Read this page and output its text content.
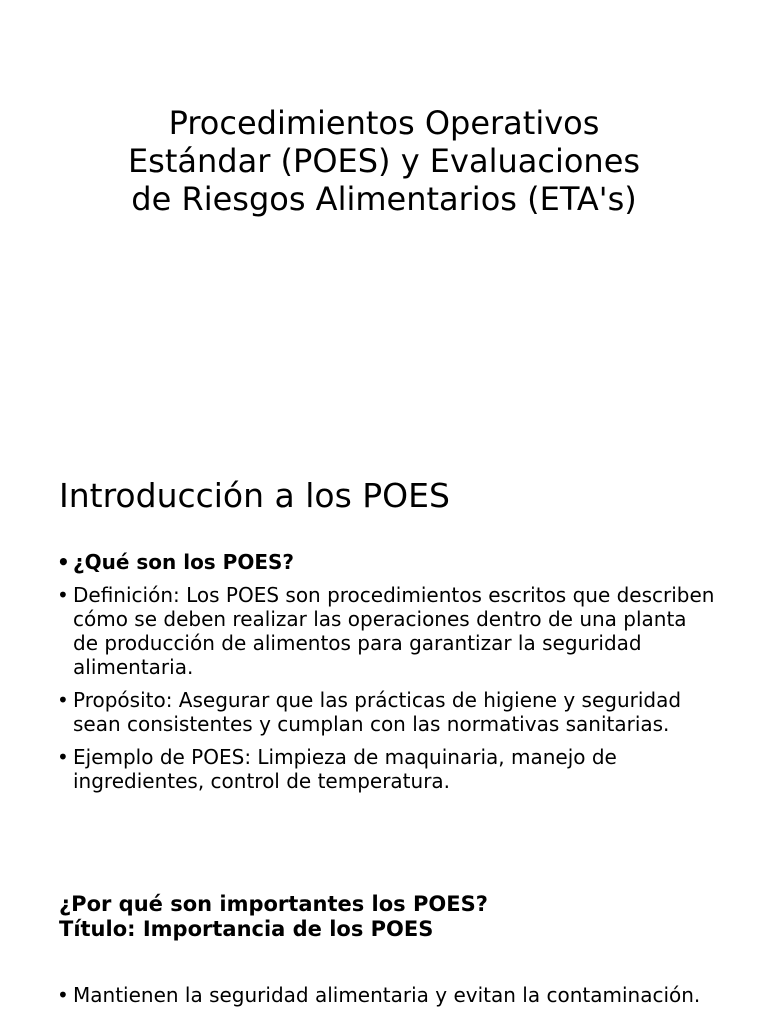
Procedimientos Operativos
Estándar (POES) y Evaluaciones
de Riesgos Alimentarios (ETA's)
Introducción a los POES
• ¿Qué son los POES?
• Definición: Los POES son procedimientos escritos que describen cómo se deben realizar las operaciones dentro de una planta de producción de alimentos para garantizar la seguridad alimentaria.
• Propósito: Asegurar que las prácticas de higiene y seguridad sean consistentes y cumplan con las normativas sanitarias.
• Ejemplo de POES: Limpieza de maquinaria, manejo de ingredientes, control de temperatura.
¿Por qué son importantes los POES?
Título: Importancia de los POES
• Mantienen la seguridad alimentaria y evitan la contaminación.
